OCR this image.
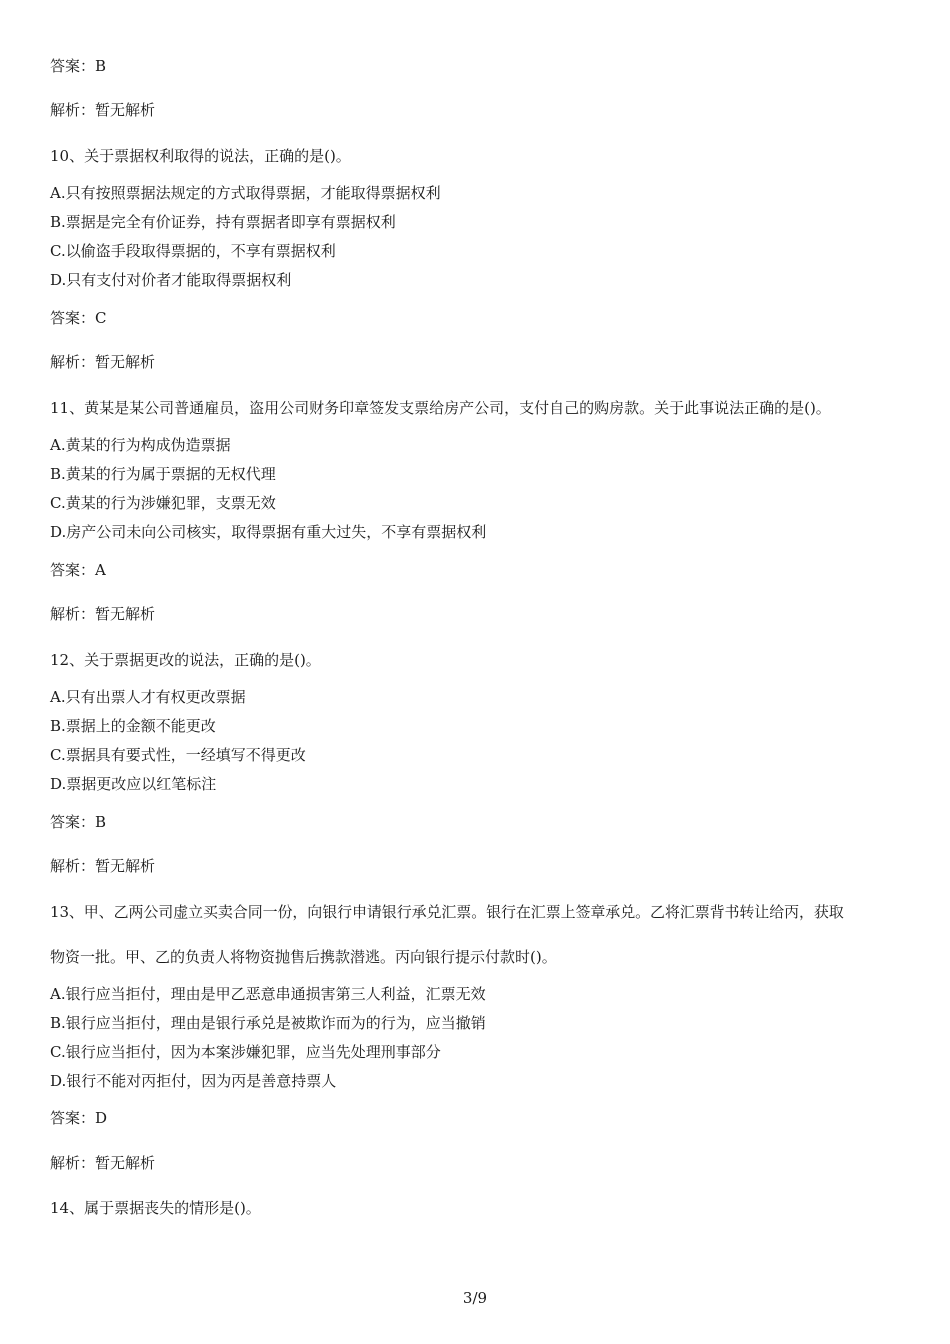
答案：B
解析：暂无解析
10、关于票据权利取得的说法，正确的是()。
A.只有按照票据法规定的方式取得票据，才能取得票据权利
B.票据是完全有价证券，持有票据者即享有票据权利
C.以偷盗手段取得票据的，不享有票据权利
D.只有支付对价者才能取得票据权利
答案：C
解析：暂无解析
11、黄某是某公司普通雇员，盗用公司财务印章签发支票给房产公司，支付自己的购房款。关于此事说法正确的是()。
A.黄某的行为构成伪造票据
B.黄某的行为属于票据的无权代理
C.黄某的行为涉嫌犯罪，支票无效
D.房产公司未向公司核实，取得票据有重大过失，不享有票据权利
答案：A
解析：暂无解析
12、关于票据更改的说法，正确的是()。
A.只有出票人才有权更改票据
B.票据上的金额不能更改
C.票据具有要式性，一经填写不得更改
D.票据更改应以红笔标注
答案：B
解析：暂无解析
13、甲、乙两公司虚立买卖合同一份，向银行申请银行承兑汇票。银行在汇票上签章承兑。乙将汇票背书转让给丙，获取
物资一批。甲、乙的负责人将物资抛售后携款潜逃。丙向银行提示付款时()。
A.银行应当拒付，理由是甲乙恶意串通损害第三人利益，汇票无效
B.银行应当拒付，理由是银行承兑是被欺诈而为的行为，应当撤销
C.银行应当拒付，因为本案涉嫌犯罪，应当先处理刑事部分
D.银行不能对丙拒付，因为丙是善意持票人
答案：D
解析：暂无解析
14、属于票据丧失的情形是()。
3/9
